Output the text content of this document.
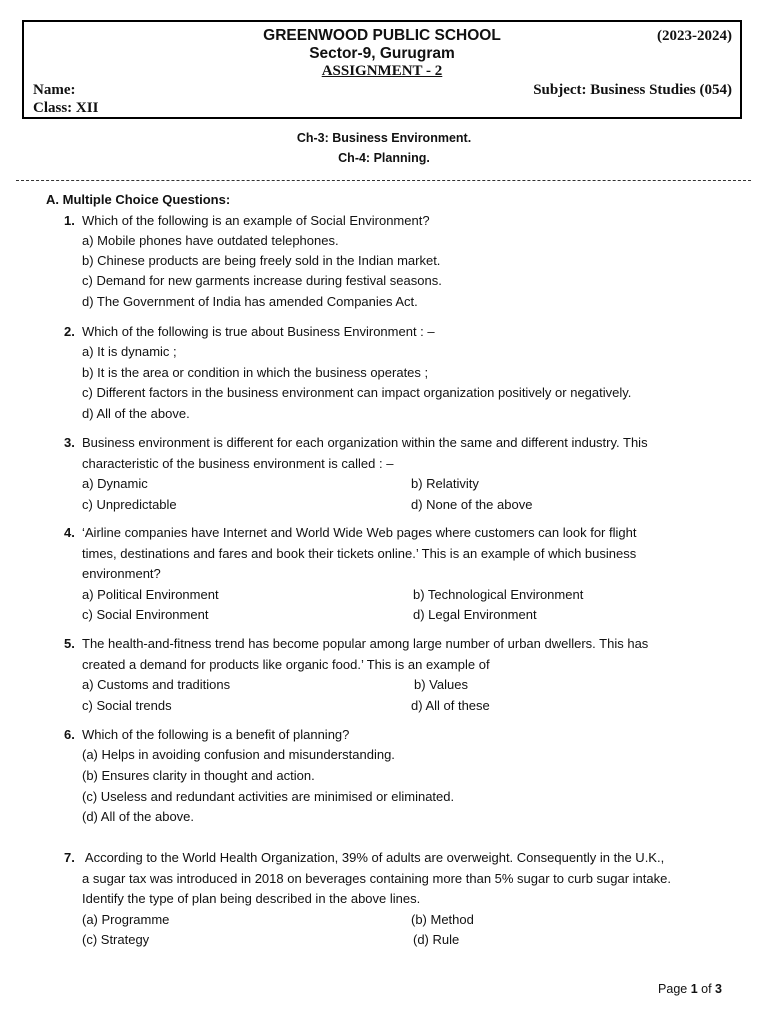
GREENWOOD PUBLIC SCHOOL
Sector-9, Gurugram
ASSIGNMENT - 2
(2023-2024)
Name:
Class: XII
Subject: Business Studies (054)
Ch-3: Business Environment.
Ch-4: Planning.
A. Multiple Choice Questions:
1. Which of the following is an example of Social Environment?
a) Mobile phones have outdated telephones.
b) Chinese products are being freely sold in the Indian market.
c) Demand for new garments increase during festival seasons.
d) The Government of India has amended Companies Act.
2. Which of the following is true about Business Environment : –
a) It is dynamic ;
b) It is the area or condition in which the business operates ;
c) Different factors in the business environment can impact organization positively or negatively.
d) All of the above.
3. Business environment is different for each organization within the same and different industry. This
characteristic of the business environment is called : –
a) Dynamic	b) Relativity
c) Unpredictable	d) None of the above
4. ‘Airline companies have Internet and World Wide Web pages where customers can look for flight
times, destinations and fares and book their tickets online.’ This is an example of which business
environment?
a) Political Environment	b) Technological Environment
c) Social Environment	d) Legal Environment
5. The health-and-fitness trend has become popular among large number of urban dwellers. This has
created a demand for products like organic food.’ This is an example of
a) Customs and traditions	b) Values
c) Social trends	d) All of these
6. Which of the following is a benefit of planning?
(a) Helps in avoiding confusion and misunderstanding.
(b) Ensures clarity in thought and action.
(c) Useless and redundant activities are minimised or eliminated.
(d) All of the above.
7. According to the World Health Organization, 39% of adults are overweight. Consequently in the U.K.,
a sugar tax was introduced in 2018 on beverages containing more than 5% sugar to curb sugar intake.
Identify the type of plan being described in the above lines.
(a) Programme	(b) Method
(c) Strategy	(d) Rule
Page 1 of 3
